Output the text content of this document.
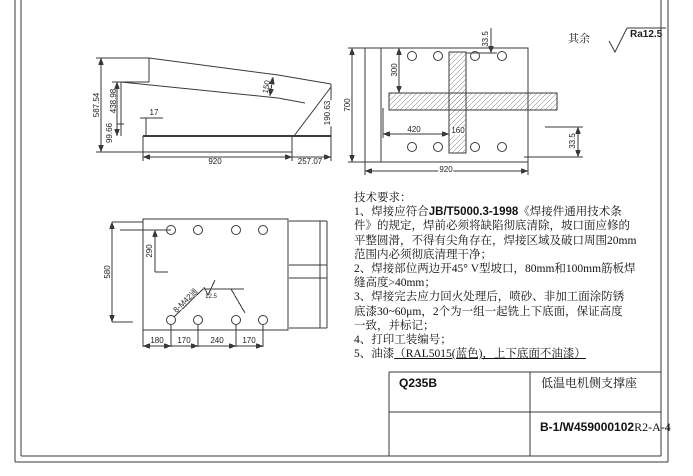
587.54 438.98
99.66
17
150
190.63
920	257.07
33.5
300
700
420	160
33.5
920
290
580
180 170 240 170
8-M42通 12.5
其余	Ra12.5
技术要求：
1、焊接应符合JB/T5000.3-1998《焊接件通用技术条
件》的规定，焊前必须将缺陷彻底清除，坡口面应修的
平整圆滑，不得有尖角存在，焊接区域及破口周围20mm
范围内必须彻底清理干净；
2、焊接部位两边开45° V型坡口，80mm和100mm筋板焊
缝高度>40mm；
3、焊接完去应力回火处理后，喷砂、非加工面涂防锈
底漆30~60μm，2个为一组一起铣上下底面，保证高度
一致，并标记；
4、打印工装编号；
5、油漆（RAL5015(蓝色)，上下底面不油漆）
Q235B	低温电机侧支撑座
B-1/W459000102R2-A-4
